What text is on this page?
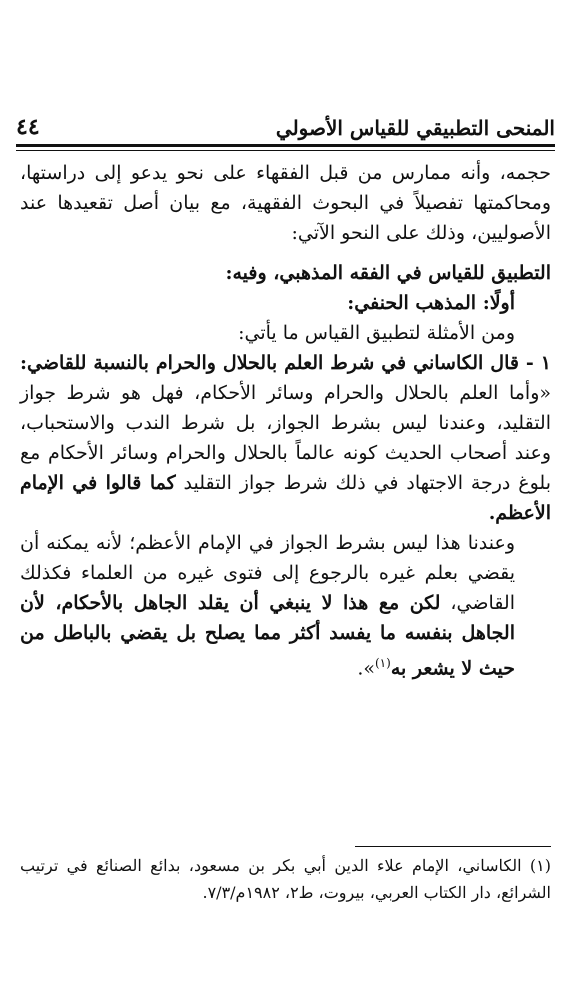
المنحى التطبيقي للقياس الأصولي
٤٤

حجمه، وأنه ممارس من قبل الفقهاء على نحو يدعو إلى دراستها، ومحاكمتها تفصيلاً في البحوث الفقهية، مع بيان أصل تقعيدها عند الأصوليين، وذلك على النحو الآتي:

التطبيق للقياس في الفقه المذهبي، وفيه:

أولًا: المذهب الحنفي:

ومن الأمثلة لتطبيق القياس ما يأتي:

١ - قال الكاساني في شرط العلم بالحلال والحرام بالنسبة للقاضي: «وأما العلم بالحلال والحرام وسائر الأحكام، فهل هو شرط جواز التقليد، وعندنا ليس بشرط الجواز، بل شرط الندب والاستحباب، وعند أصحاب الحديث كونه عالماً بالحلال والحرام وسائر الأحكام مع بلوغ درجة الاجتهاد في ذلك شرط جواز التقليد كما قالوا في الإمام الأعظم.

وعندنا هذا ليس بشرط الجواز في الإمام الأعظم؛ لأنه يمكنه أن يقضي بعلم غيره بالرجوع إلى فتوى غيره من العلماء فكذلك القاضي، لكن مع هذا لا ينبغي أن يقلد الجاهل بالأحكام، لأن الجاهل بنفسه ما يفسد أكثر مما يصلح بل يقضي بالباطل من حيث لا يشعر به$^{(١)}$».

(١) الكاساني، الإمام علاء الدين أبي بكر بن مسعود، بدائع الصنائع في ترتيب الشرائع، دار الكتاب العربي، بيروت، ط٢، ١٩٨٢م/٧/٣.
